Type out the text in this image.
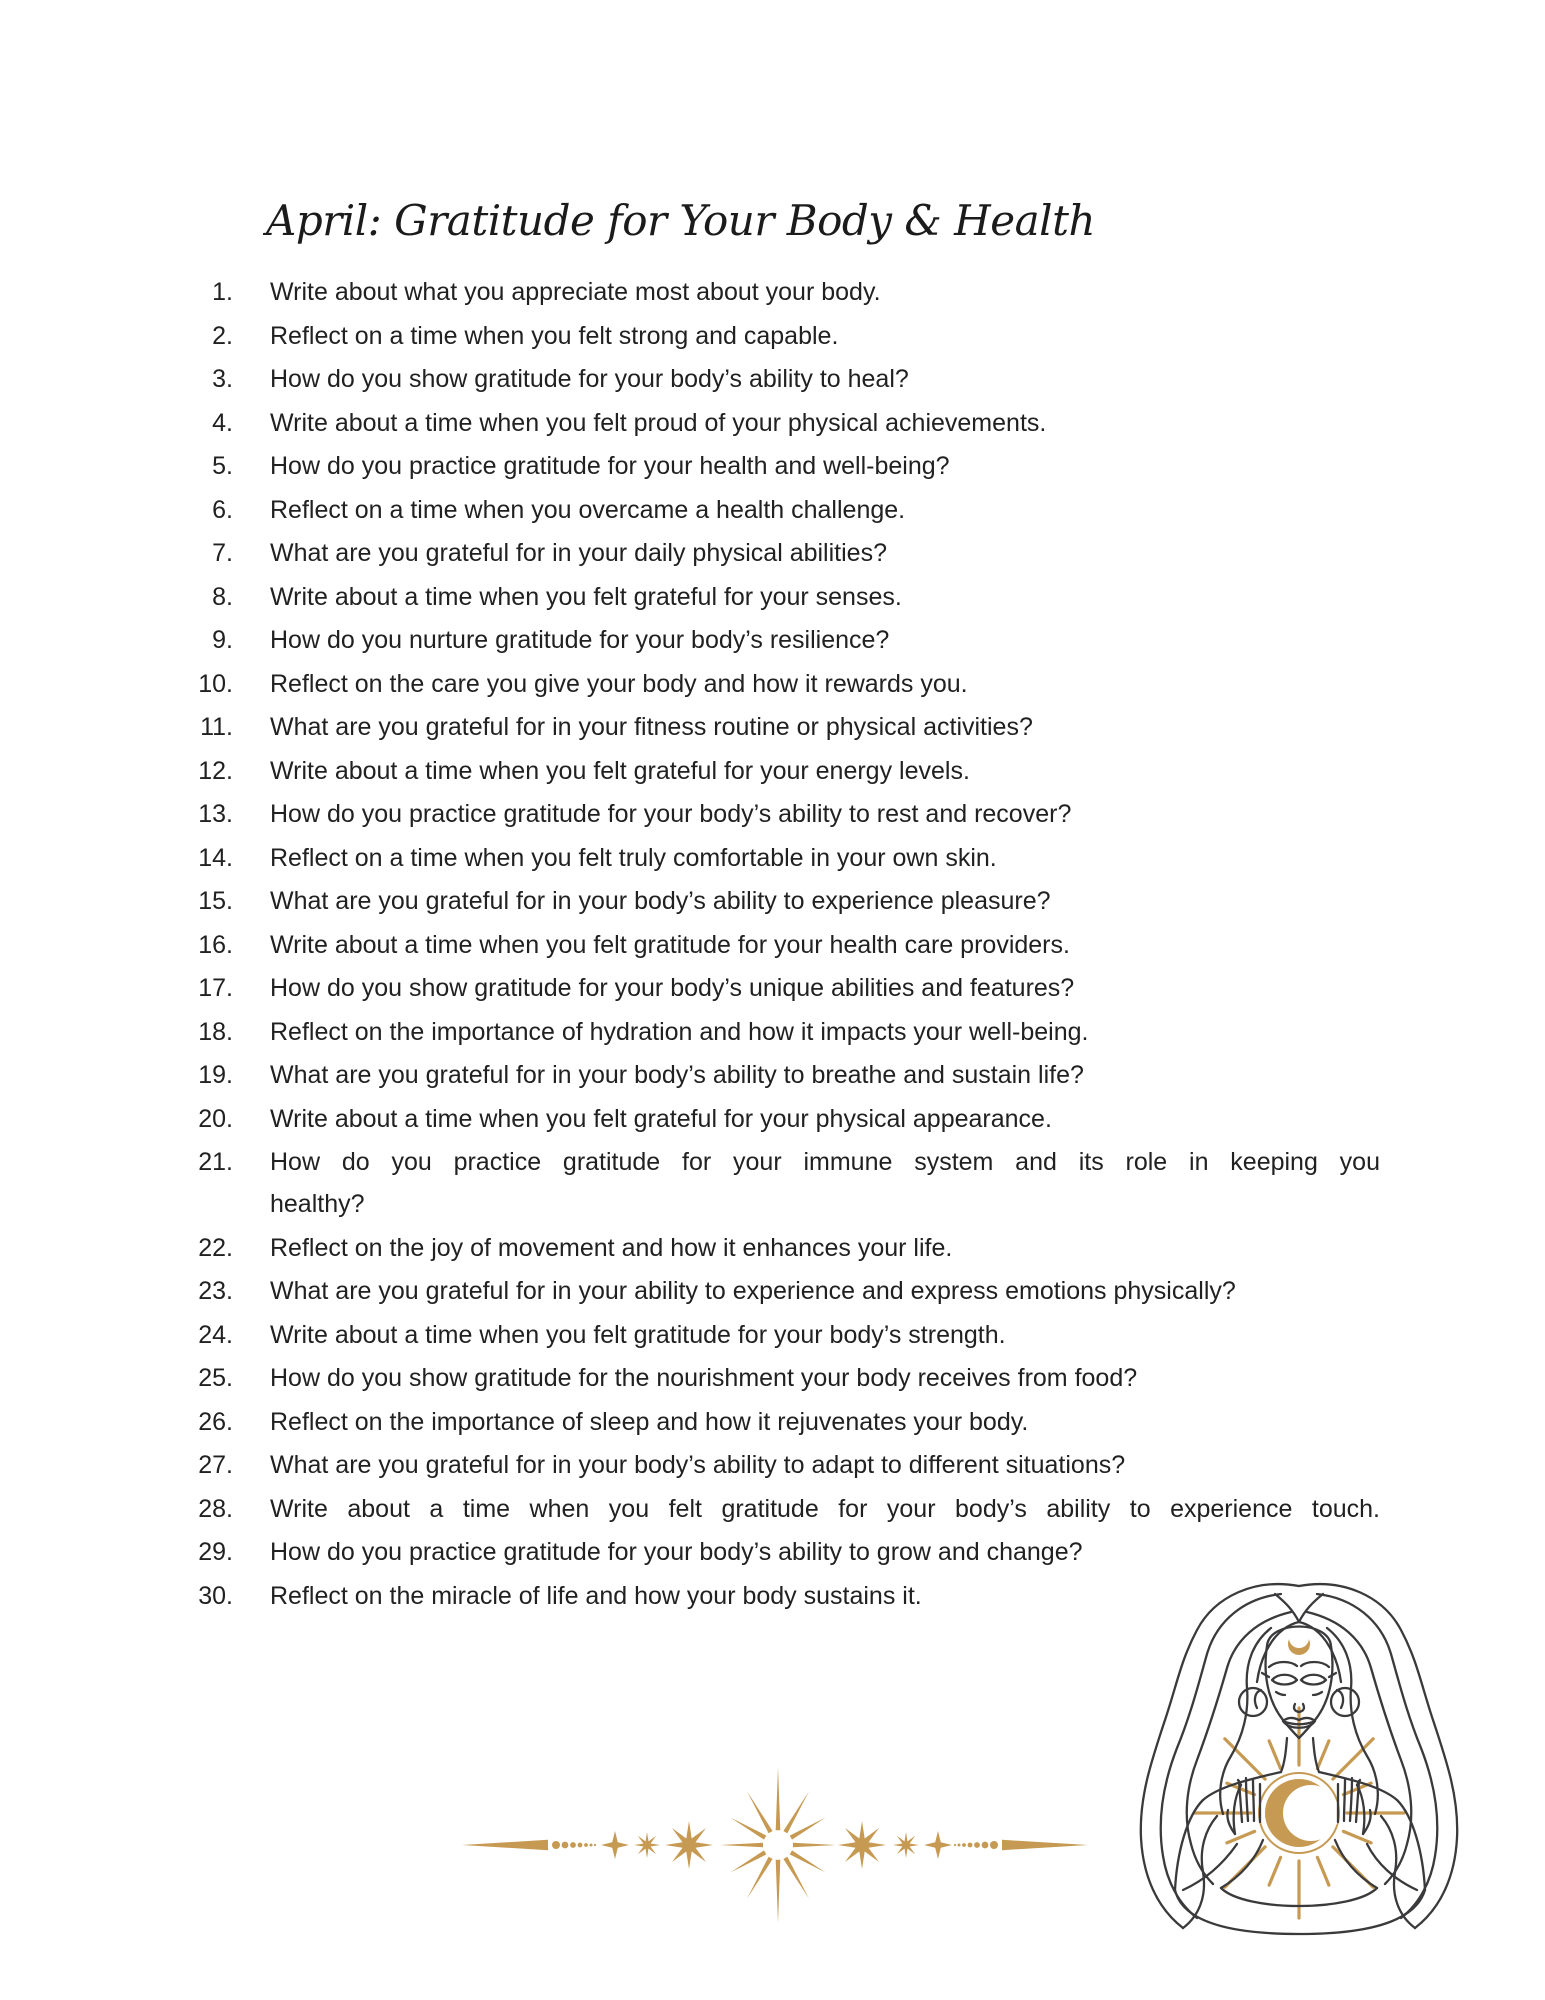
April: Gratitude for Your Body & Health
1. Write about what you appreciate most about your body.
2. Reflect on a time when you felt strong and capable.
3. How do you show gratitude for your body’s ability to heal?
4. Write about a time when you felt proud of your physical achievements.
5. How do you practice gratitude for your health and well-being?
6. Reflect on a time when you overcame a health challenge.
7. What are you grateful for in your daily physical abilities?
8. Write about a time when you felt grateful for your senses.
9. How do you nurture gratitude for your body’s resilience?
10. Reflect on the care you give your body and how it rewards you.
11. What are you grateful for in your fitness routine or physical activities?
12. Write about a time when you felt grateful for your energy levels.
13. How do you practice gratitude for your body’s ability to rest and recover?
14. Reflect on a time when you felt truly comfortable in your own skin.
15. What are you grateful for in your body’s ability to experience pleasure?
16. Write about a time when you felt gratitude for your health care providers.
17. How do you show gratitude for your body’s unique abilities and features?
18. Reflect on the importance of hydration and how it impacts your well-being.
19. What are you grateful for in your body’s ability to breathe and sustain life?
20. Write about a time when you felt grateful for your physical appearance.
21. How do you practice gratitude for your immune system and its role in keeping you
healthy?
22. Reflect on the joy of movement and how it enhances your life.
23. What are you grateful for in your ability to experience and express emotions physically?
24. Write about a time when you felt gratitude for your body’s strength.
25. How do you show gratitude for the nourishment your body receives from food?
26. Reflect on the importance of sleep and how it rejuvenates your body.
27. What are you grateful for in your body’s ability to adapt to different situations?
28. Write about a time when you felt gratitude for your body’s ability to experience touch.
29. How do you practice gratitude for your body’s ability to grow and change?
30. Reflect on the miracle of life and how your body sustains it.
